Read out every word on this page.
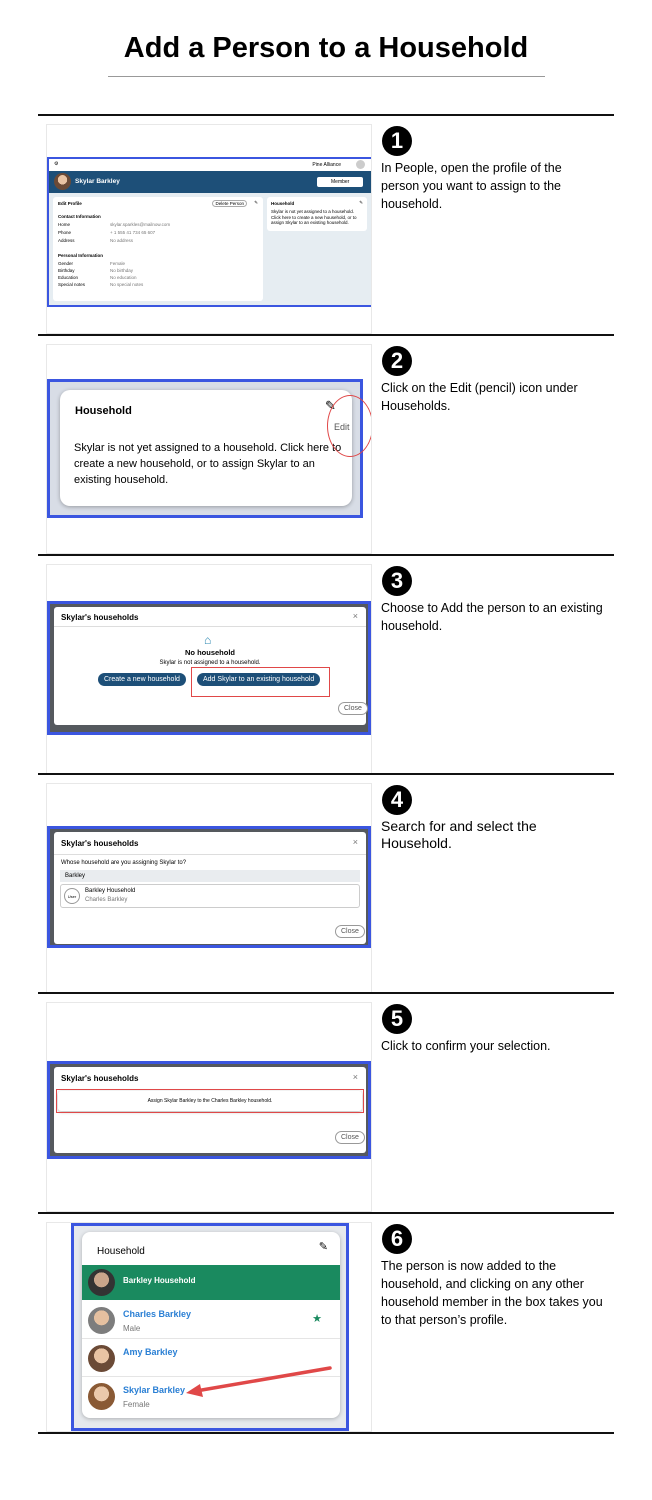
Add a Person to a Household
⚙	Pine Alliance
Skylar Barkley	Member
Edit Profile	Delete Person	✎
Contact Information
Home	skylar.sparkles@mailnow.com
Phone	+ 1 555 41 734 65 607
Address	No address
Personal Information
Gender	Female
Birthday	No birthday
Education	No education
Special notes	No special notes
Household	✎
Skylar is not yet assigned to a household. Click here to create a new household, or to assign Skylar to an existing household.
1
In People, open the profile of the person you want to assign to the household.
Household	✎
Skylar is not yet assigned to a household. Click here to create a new household, or to assign Skylar to an existing household.
Edit
2
Click on the Edit (pencil) icon under Households.
Skylar's households	×
⌂
No household
Skylar is not assigned to a household.
Create a new household	Add Skylar to an existing household
Close
3
Choose to Add the person to an existing household.
Skylar's households	×
Whose household are you assigning Skylar to?
Barkley
User
Barkley Household
Charles Barkley
Close
4
Search for and select the Household.
Skylar's households	×
Assign Skylar Barkley to the Charles Barkley household.
Close
5
Click to confirm your selection.
Household	✎
Barkley Household
Charles Barkley
Male
★
Amy Barkley
Skylar Barkley
Female
6
The person is now added to the household, and clicking on any other household member in the box takes you to that person’s profile.
